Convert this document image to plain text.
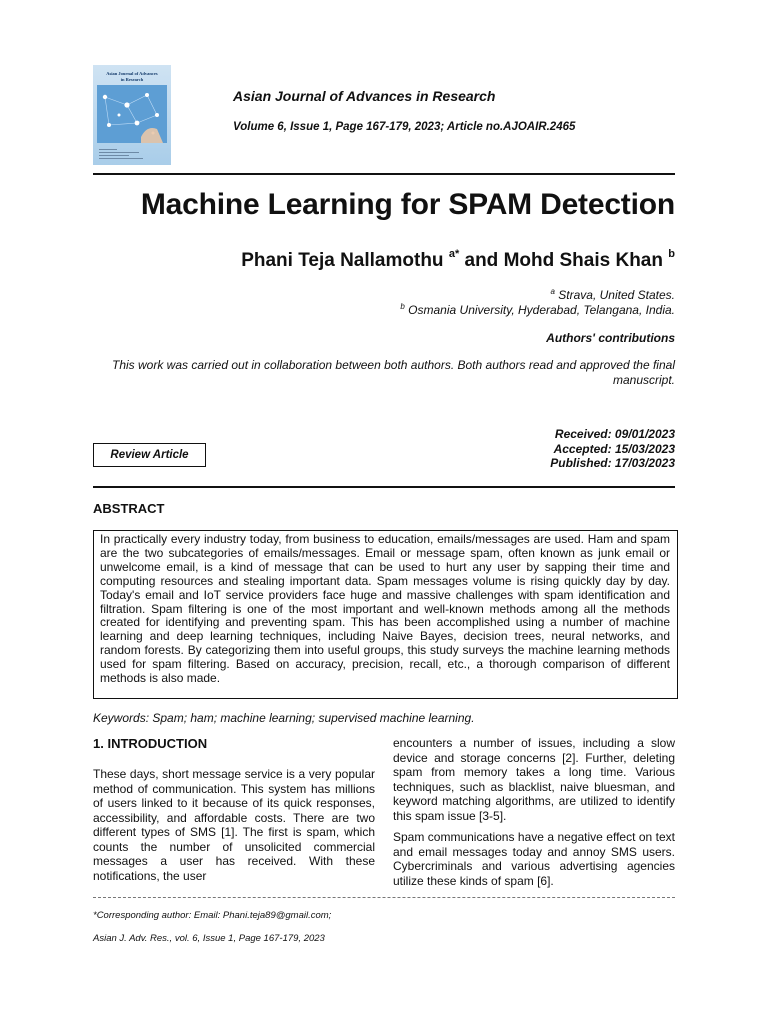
Asian Journal of Advances
in Research
Asian Journal of Advances in Research
Volume 6, Issue 1, Page 167-179, 2023; Article no.AJOAIR.2465
Machine Learning for SPAM Detection
Phani Teja Nallamothu $^{a*}$ and Mohd Shais Khan $^b$
$^a$ Strava, United States.
$^b$ Osmania University, Hyderabad, Telangana, India.
Authors' contributions
This work was carried out in collaboration between both authors. Both authors read and approved the final manuscript.
Review Article
Received: 09/01/2023
Accepted: 15/03/2023
Published: 17/03/2023
ABSTRACT
In practically every industry today, from business to education, emails/messages are used. Ham and spam are the two subcategories of emails/messages. Email or message spam, often known as junk email or unwelcome email, is a kind of message that can be used to hurt any user by sapping their time and computing resources and stealing important data. Spam messages volume is rising quickly day by day. Today's email and IoT service providers face huge and massive challenges with spam identification and filtration. Spam filtering is one of the most important and well-known methods among all the methods created for identifying and preventing spam. This has been accomplished using a number of machine learning and deep learning techniques, including Naive Bayes, decision trees, neural networks, and random forests. By categorizing them into useful groups, this study surveys the machine learning methods used for spam filtering. Based on accuracy, precision, recall, etc., a thorough comparison of different methods is also made.
Keywords: Spam; ham; machine learning; supervised machine learning.
1. INTRODUCTION

These days, short message service is a very popular method of communication. This system has millions of users linked to it because of its quick responses, accessibility, and affordable costs. There are two different types of SMS [1]. The first is spam, which counts the number of unsolicited commercial messages a user has received. With these notifications, the user

encounters a number of issues, including a slow device and storage concerns [2]. Further, deleting spam from memory takes a long time. Various techniques, such as blacklist, naive bluesman, and keyword matching algorithms, are utilized to identify this spam issue [3-5].

Spam communications have a negative effect on text and email messages today and annoy SMS users. Cybercriminals and various advertising agencies utilize these kinds of spam [6].

*Corresponding author: Email: Phani.teja89@gmail.com;
Asian J. Adv. Res., vol. 6, Issue 1, Page 167-179, 2023
